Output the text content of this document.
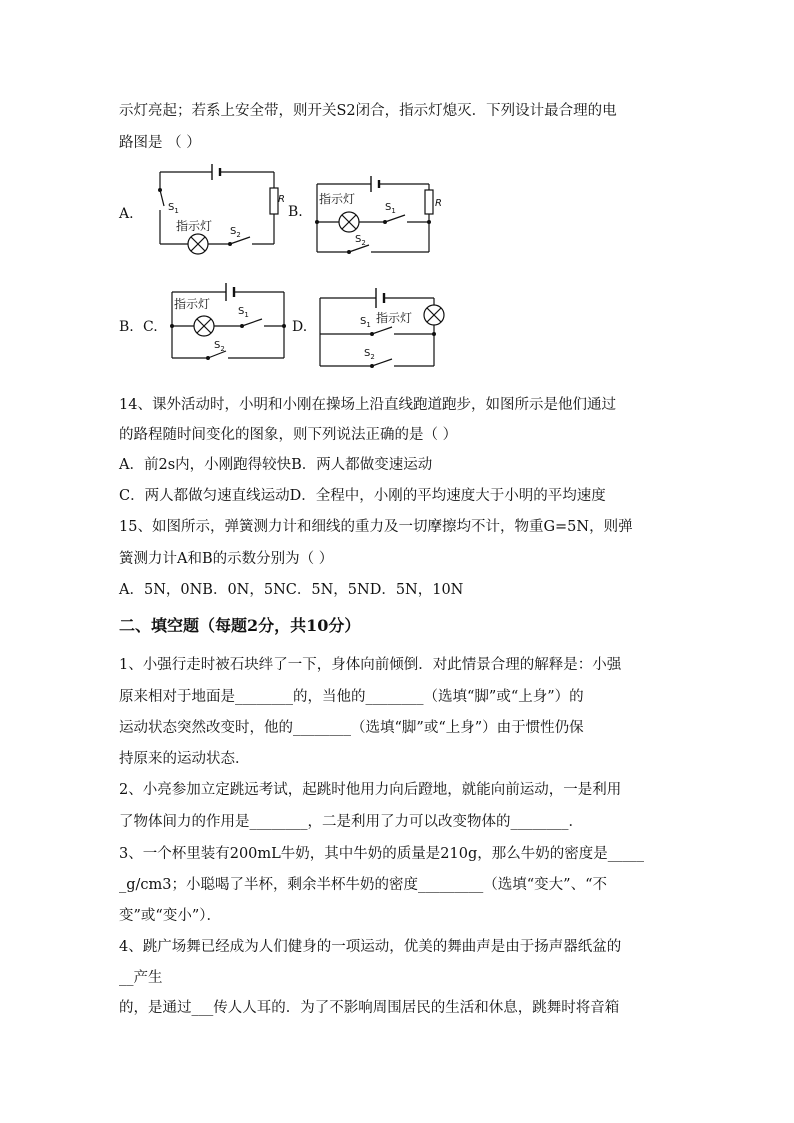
示灯亮起；若系上安全带，则开关S2闭合，指示灯熄灭．下列设计最合理的电
路图是 （ ）
A.	$S_1$
$S_2$
R
指示灯
B.
指示灯
$S_1$
$S_2$
R
B. C.
指示灯
$S_1$
$S_2$
D.	$S_1$ 指示灯
$S_2$
14、课外活动时，小明和小刚在操场上沿直线跑道跑步，如图所示是他们通过
的路程随时间变化的图象，则下列说法正确的是（ ）
A．前2s内，小刚跑得较快B．两人都做变速运动
C．两人都做匀速直线运动D．全程中，小刚的平均速度大于小明的平均速度
15、如图所示，弹簧测力计和细线的重力及一切摩擦均不计，物重G=5N，则弹
簧测力计A和B的示数分别为（ ）
A．5N，0NB．0N，5NC．5N，5ND．5N，10N
二、填空题（每题2分，共10分）
1、小强行走时被石块绊了一下，身体向前倾倒．对此情景合理的解释是：小强
原来相对于地面是________的，当他的________（选填“脚”或“上身”）的
运动状态突然改变时，他的________（选填“脚”或“上身”）由于惯性仍保
持原来的运动状态．
2、小亮参加立定跳远考试，起跳时他用力向后蹬地，就能向前运动，一是利用
了物体间力的作用是________，二是利用了力可以改变物体的________．
3、一个杯里装有200mL牛奶，其中牛奶的质量是210g，那么牛奶的密度是_____
_g/cm3；小聪喝了半杯，剩余半杯牛奶的密度_________（选填“变大”、“不
变”或“变小”）．
4、跳广场舞已经成为人们健身的一项运动，优美的舞曲声是由于扬声器纸盆的
__产生
的，是通过___传人人耳的．为了不影响周围居民的生活和休息，跳舞时将音箱
